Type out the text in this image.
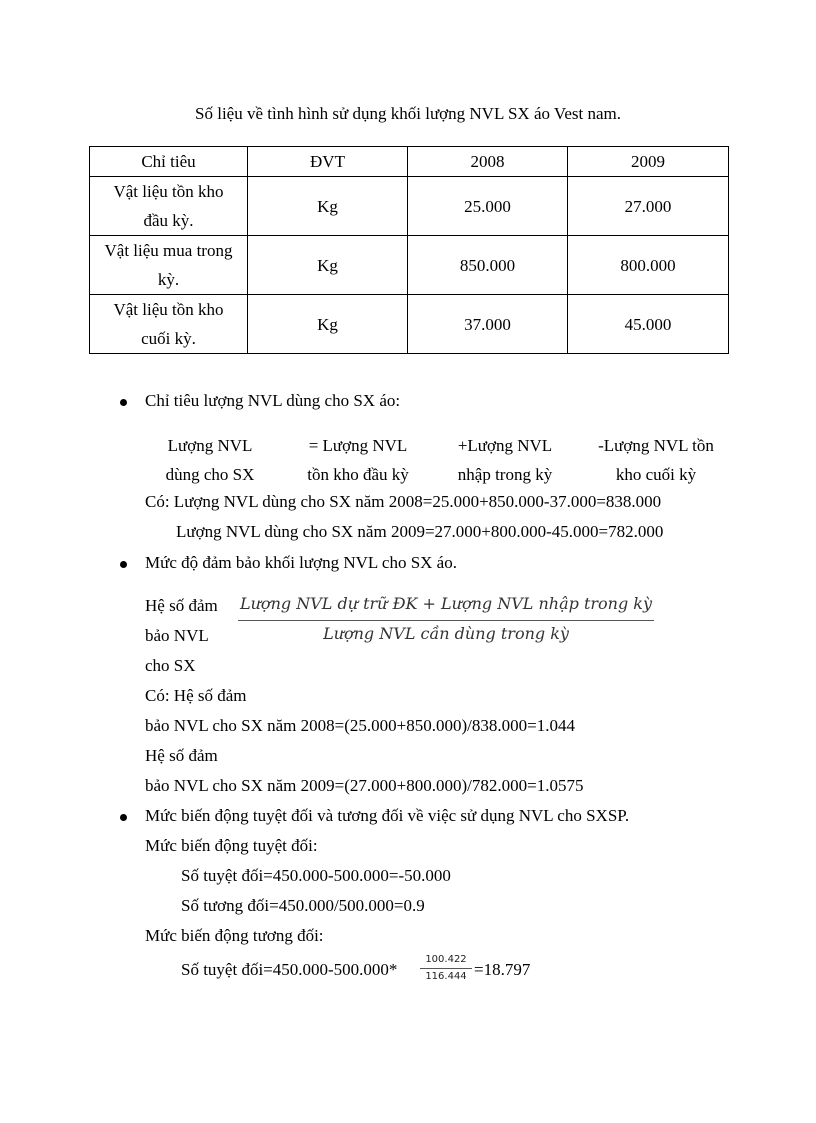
Số liệu về tình hình sử dụng khối lượng NVL SX áo Vest nam.
Chỉ tiêu	ĐVT	2008	2009
Vật liệu tồn kho
đầu kỳ.	Kg	25.000	27.000
Vật liệu mua trong
kỳ.	Kg	850.000	800.000
Vật liệu tồn kho
cuối kỳ.	Kg	37.000	45.000
Chỉ tiêu lượng NVL dùng cho SX áo:
Lượng NVL
dùng cho SX
= Lượng NVL
tồn kho đầu kỳ
+Lượng NVL
nhập trong kỳ
-Lượng NVL tồn
kho cuối kỳ
Có: Lượng NVL dùng cho SX năm 2008=25.000+850.000-37.000=838.000
Lượng NVL dùng cho SX năm 2009=27.000+800.000-45.000=782.000
Mức độ đảm bảo khối lượng NVL cho SX áo.
Hệ số đảm
bảo NVL
cho SX
Lượng NVL dự trữ ĐK + Lượng NVL nhập trong kỳ
Lượng NVL cần dùng trong kỳ
Có: Hệ số đảm
bảo NVL cho SX năm 2008=(25.000+850.000)/838.000=1.044
Hệ số đảm
bảo NVL cho SX năm 2009=(27.000+800.000)/782.000=1.0575
Mức biến động tuyệt đối và tương đối về việc sử dụng NVL cho SXSP.
Mức biến động tuyệt đối:
Số tuyệt đối=450.000-500.000=-50.000
Số tương đối=450.000/500.000=0.9
Mức biến động tương đối:
Số tuyệt đối=450.000-500.000*
100.422
116.444 =18.797
